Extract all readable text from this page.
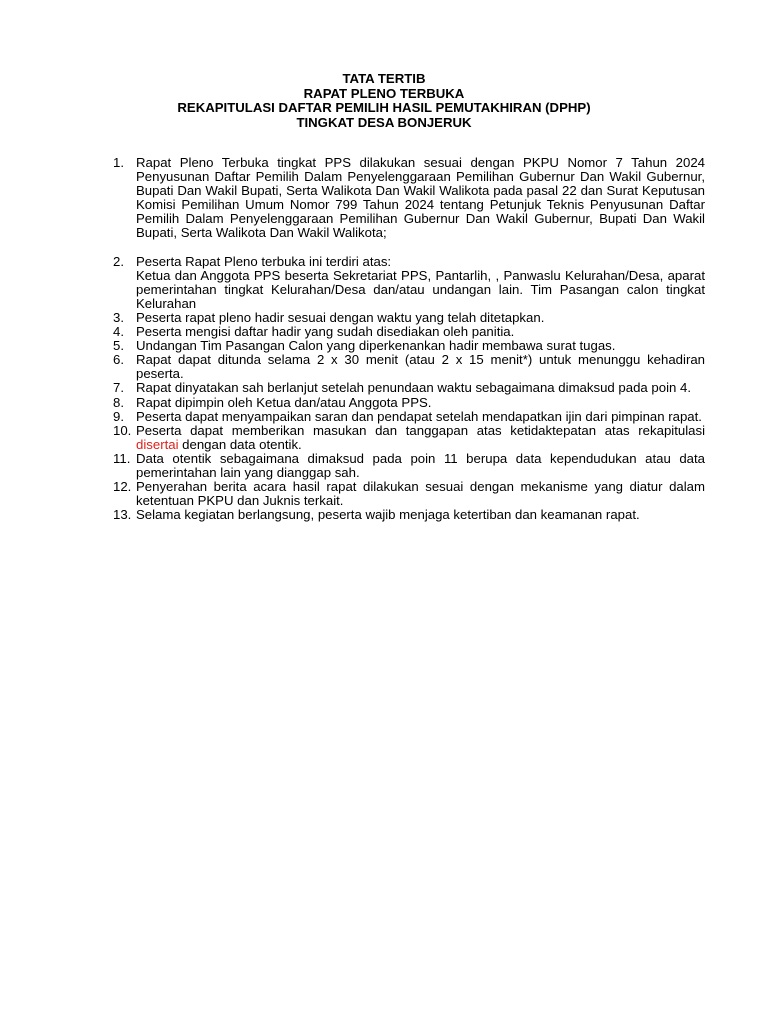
TATA TERTIB
RAPAT PLENO TERBUKA
REKAPITULASI DAFTAR PEMILIH HASIL PEMUTAKHIRAN (DPHP)
TINGKAT DESA BONJERUK
1. Rapat Pleno Terbuka tingkat PPS dilakukan sesuai dengan PKPU Nomor 7 Tahun 2024 Penyusunan Daftar Pemilih Dalam Penyelenggaraan Pemilihan Gubernur Dan Wakil Gubernur, Bupati Dan Wakil Bupati, Serta Walikota Dan Wakil Walikota pada pasal 22 dan Surat Keputusan Komisi Pemilihan Umum Nomor 799 Tahun 2024 tentang Petunjuk Teknis Penyusunan Daftar Pemilih Dalam Penyelenggaraan Pemilihan Gubernur Dan Wakil Gubernur, Bupati Dan Wakil Bupati, Serta Walikota Dan Wakil Walikota;
2. Peserta Rapat Pleno terbuka ini terdiri atas:
Ketua dan Anggota PPS beserta Sekretariat PPS, Pantarlih, , Panwaslu Kelurahan/Desa, aparat pemerintahan tingkat Kelurahan/Desa dan/atau undangan lain. Tim Pasangan calon tingkat Kelurahan
3. Peserta rapat pleno hadir sesuai dengan waktu yang telah ditetapkan.
4. Peserta mengisi daftar hadir yang sudah disediakan oleh panitia.
5. Undangan Tim Pasangan Calon yang diperkenankan hadir membawa surat tugas.
6. Rapat dapat ditunda selama 2 x 30 menit (atau 2 x 15 menit*) untuk menunggu kehadiran peserta.
7. Rapat dinyatakan sah berlanjut setelah penundaan waktu sebagaimana dimaksud pada poin 4.
8. Rapat dipimpin oleh Ketua dan/atau Anggota PPS.
9. Peserta dapat menyampaikan saran dan pendapat setelah mendapatkan ijin dari pimpinan rapat.
10. Peserta dapat memberikan masukan dan tanggapan atas ketidaktepatan atas rekapitulasi disertai dengan data otentik.
11. Data otentik sebagaimana dimaksud pada poin 11 berupa data kependudukan atau data pemerintahan lain yang dianggap sah.
12. Penyerahan berita acara hasil rapat dilakukan sesuai dengan mekanisme yang diatur dalam ketentuan PKPU dan Juknis terkait.
13. Selama kegiatan berlangsung, peserta wajib menjaga ketertiban dan keamanan rapat.
